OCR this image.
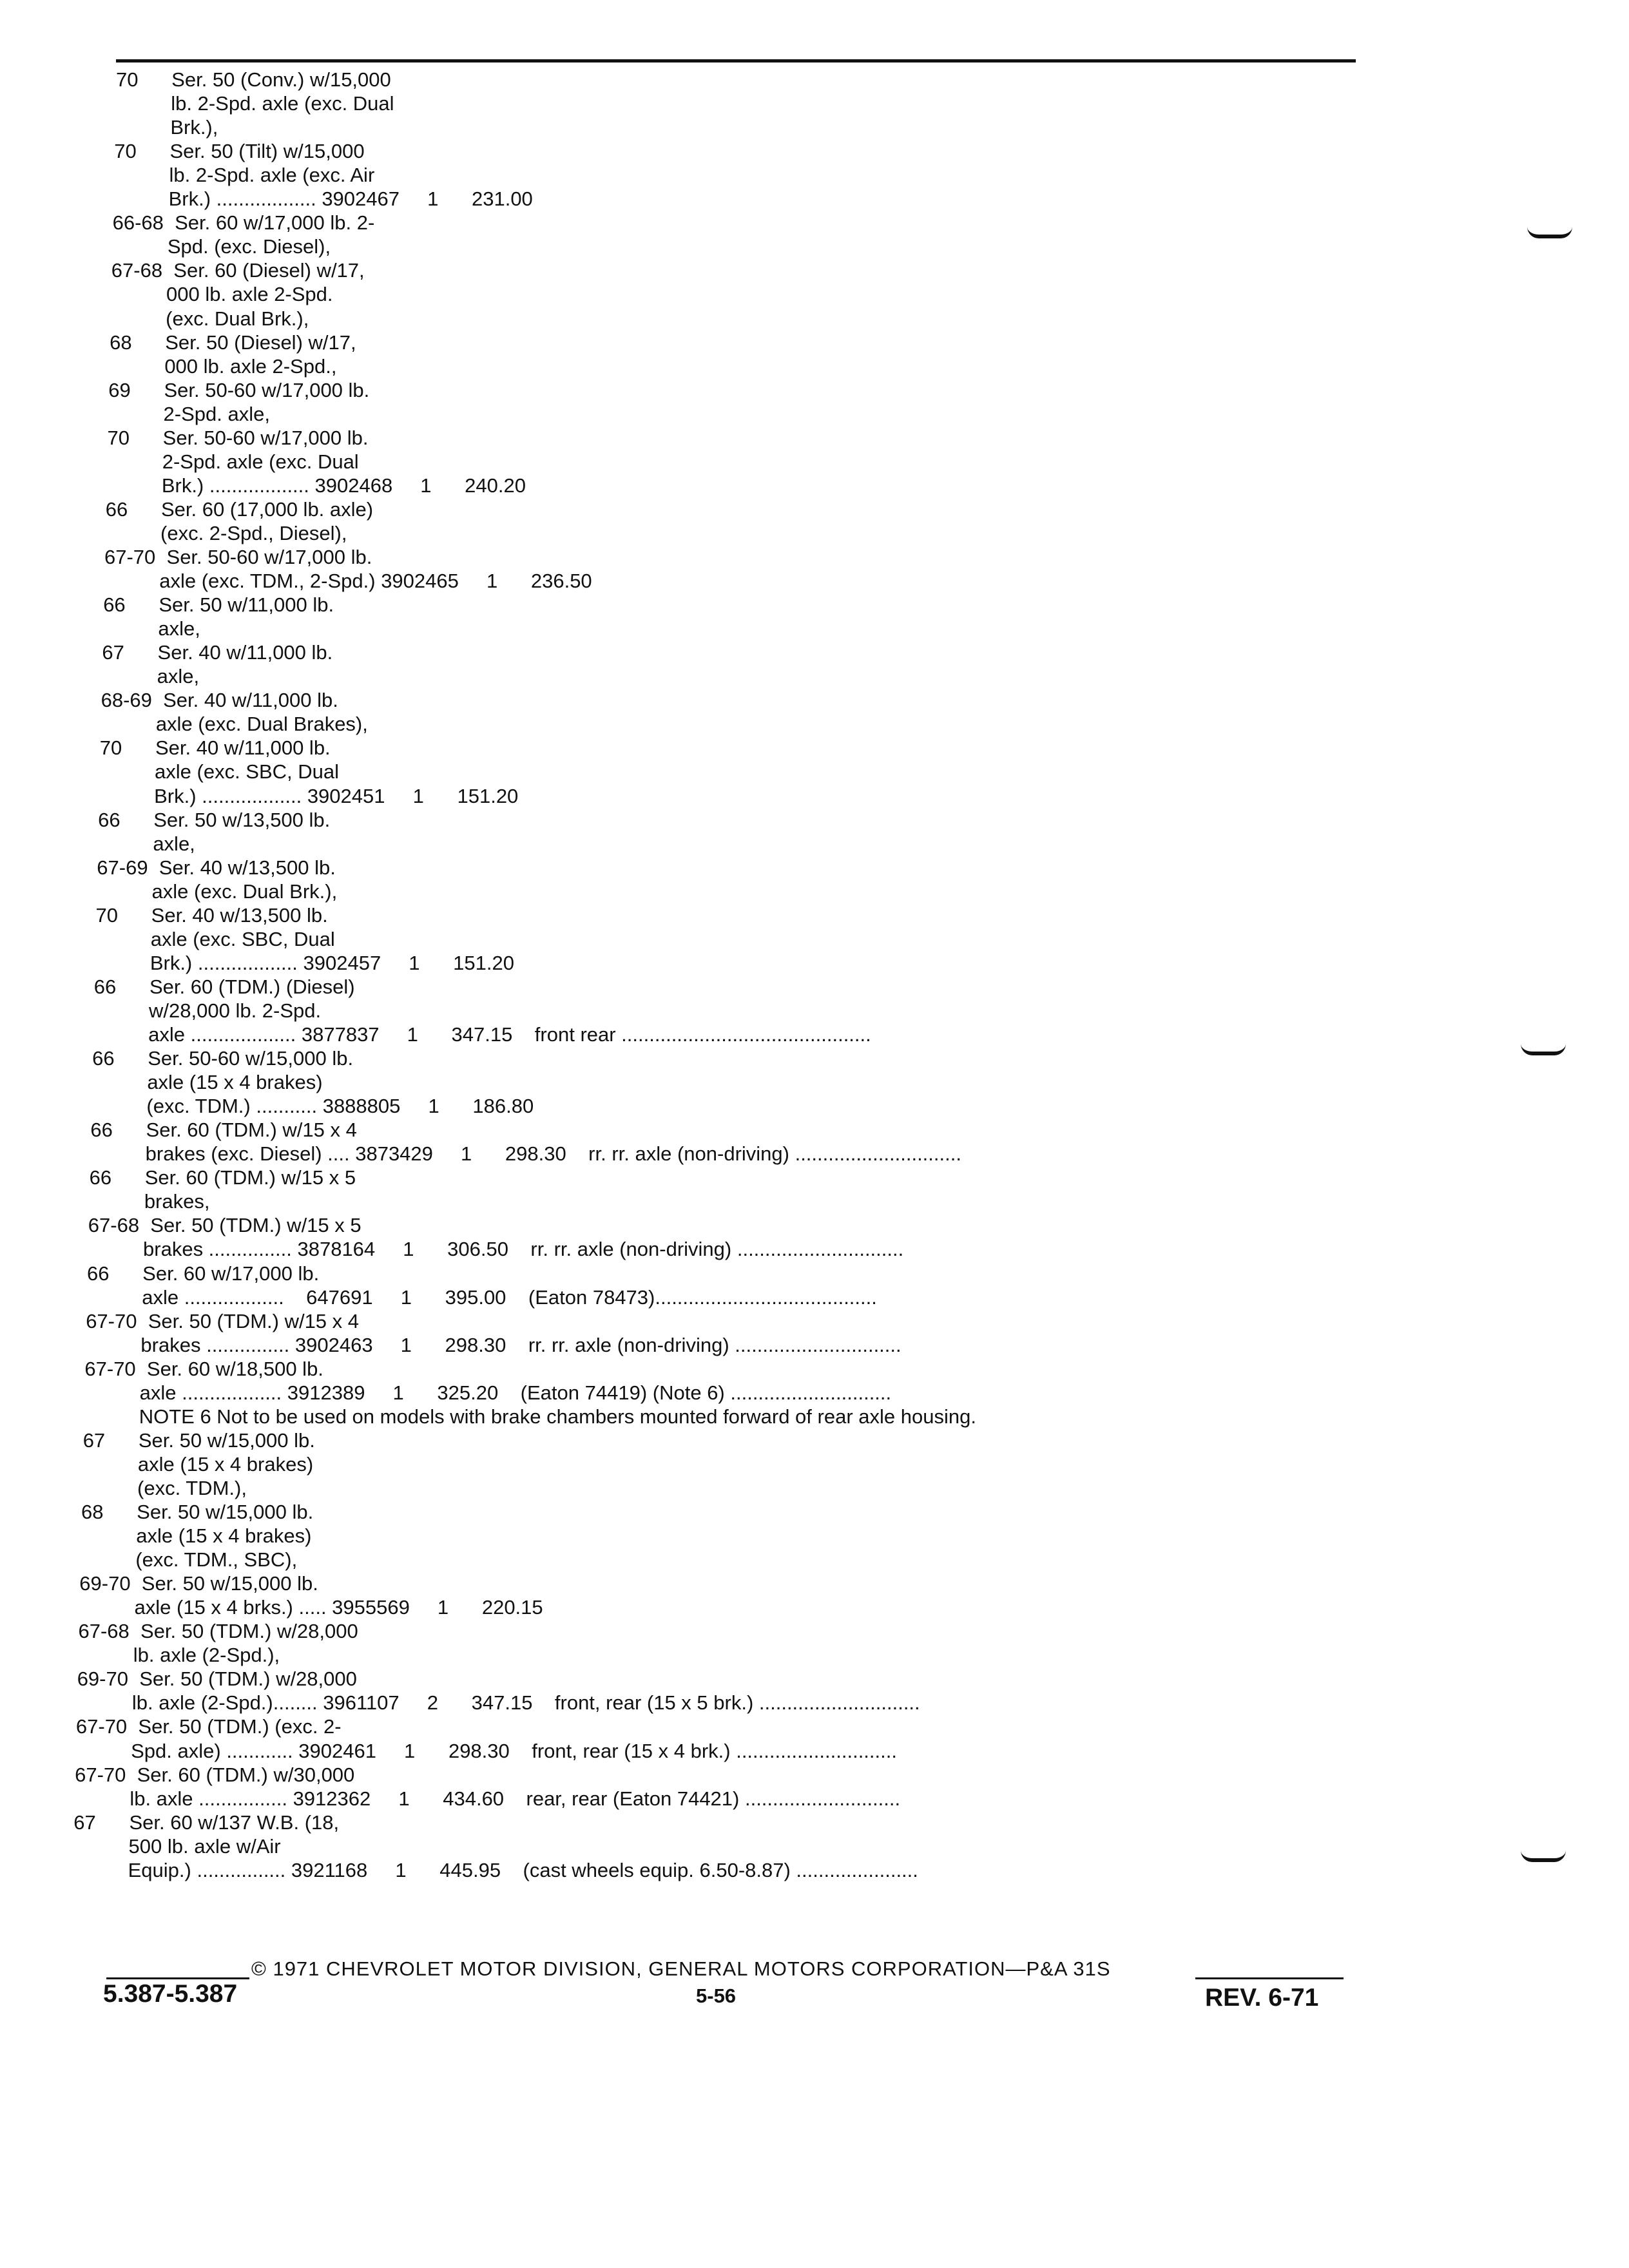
70      Ser. 50 (Conv.) w/15,000
lb. 2-Spd. axle (exc. Dual
Brk.),
70      Ser. 50 (Tilt) w/15,000
lb. 2-Spd. axle (exc. Air
Brk.) .................. 3902467     1      231.00
66-68  Ser. 60 w/17,000 lb. 2-
Spd. (exc. Diesel),
67-68  Ser. 60 (Diesel) w/17,
000 lb. axle 2-Spd.
(exc. Dual Brk.),
68      Ser. 50 (Diesel) w/17,
000 lb. axle 2-Spd.,
69      Ser. 50-60 w/17,000 lb.
2-Spd. axle,
70      Ser. 50-60 w/17,000 lb.
2-Spd. axle (exc. Dual
Brk.) .................. 3902468     1      240.20
66      Ser. 60 (17,000 lb. axle)
(exc. 2-Spd., Diesel),
67-70  Ser. 50-60 w/17,000 lb.
axle (exc. TDM., 2-Spd.) 3902465     1      236.50
66      Ser. 50 w/11,000 lb.
axle,
67      Ser. 40 w/11,000 lb.
axle,
68-69  Ser. 40 w/11,000 lb.
axle (exc. Dual Brakes),
70      Ser. 40 w/11,000 lb.
axle (exc. SBC, Dual
Brk.) .................. 3902451     1      151.20
66      Ser. 50 w/13,500 lb.
axle,
67-69  Ser. 40 w/13,500 lb.
axle (exc. Dual Brk.),
70      Ser. 40 w/13,500 lb.
axle (exc. SBC, Dual
Brk.) .................. 3902457     1      151.20
66      Ser. 60 (TDM.) (Diesel)
w/28,000 lb. 2-Spd.
axle ................... 3877837     1      347.15    front rear .............................................
66      Ser. 50-60 w/15,000 lb.
axle (15 x 4 brakes)
(exc. TDM.) ........... 3888805     1      186.80
66      Ser. 60 (TDM.) w/15 x 4
brakes (exc. Diesel) .... 3873429     1      298.30    rr. rr. axle (non-driving) ..............................
66      Ser. 60 (TDM.) w/15 x 5
brakes,
67-68  Ser. 50 (TDM.) w/15 x 5
brakes ............... 3878164     1      306.50    rr. rr. axle (non-driving) ..............................
66      Ser. 60 w/17,000 lb.
axle ..................    647691     1      395.00    (Eaton 78473)........................................
67-70  Ser. 50 (TDM.) w/15 x 4
brakes ............... 3902463     1      298.30    rr. rr. axle (non-driving) ..............................
67-70  Ser. 60 w/18,500 lb.
axle .................. 3912389     1      325.20    (Eaton 74419) (Note 6) .............................
NOTE 6 Not to be used on models with brake chambers mounted forward of rear axle housing.
67      Ser. 50 w/15,000 lb.
axle (15 x 4 brakes)
(exc. TDM.),
68      Ser. 50 w/15,000 lb.
axle (15 x 4 brakes)
(exc. TDM., SBC),
69-70  Ser. 50 w/15,000 lb.
axle (15 x 4 brks.) ..... 3955569     1      220.15
67-68  Ser. 50 (TDM.) w/28,000
lb. axle (2-Spd.),
69-70  Ser. 50 (TDM.) w/28,000
lb. axle (2-Spd.)........ 3961107     2      347.15    front, rear (15 x 5 brk.) .............................
67-70  Ser. 50 (TDM.) (exc. 2-
Spd. axle) ............ 3902461     1      298.30    front, rear (15 x 4 brk.) .............................
67-70  Ser. 60 (TDM.) w/30,000
lb. axle ................ 3912362     1      434.60    rear, rear (Eaton 74421) ............................
67      Ser. 60 w/137 W.B. (18,
500 lb. axle w/Air
Equip.) ................ 3921168     1      445.95    (cast wheels equip. 6.50-8.87) ......................
© 1971 CHEVROLET MOTOR DIVISION, GENERAL MOTORS CORPORATION—P&A 31S
5.387-5.387	5-56	REV. 6-71
